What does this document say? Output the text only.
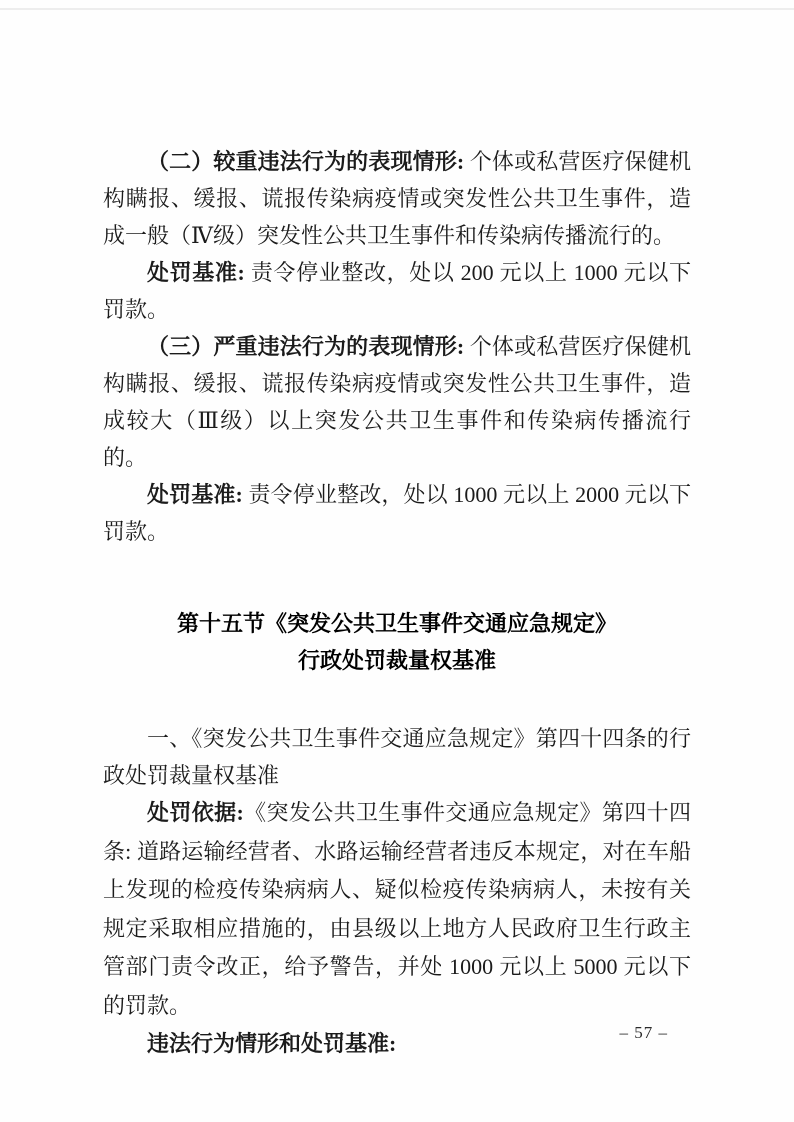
（二）较重违法行为的表现情形: 个体或私营医疗保健机构瞒报、缓报、谎报传染病疫情或突发性公共卫生事件，造成一般（Ⅳ级）突发性公共卫生事件和传染病传播流行的。

处罚基准: 责令停业整改，处以 200 元以上 1000 元以下罚款。

（三）严重违法行为的表现情形: 个体或私营医疗保健机构瞒报、缓报、谎报传染病疫情或突发性公共卫生事件，造成较大（Ⅲ级）以上突发公共卫生事件和传染病传播流行的。

处罚基准: 责令停业整改，处以 1000 元以上 2000 元以下罚款。

第十五节《突发公共卫生事件交通应急规定》
行政处罚裁量权基准

一、《突发公共卫生事件交通应急规定》第四十四条的行政处罚裁量权基准

处罚依据:《突发公共卫生事件交通应急规定》第四十四条: 道路运输经营者、水路运输经营者违反本规定，对在车船上发现的检疫传染病病人、疑似检疫传染病病人，未按有关规定采取相应措施的，由县级以上地方人民政府卫生行政主管部门责令改正，给予警告，并处 1000 元以上 5000 元以下的罚款。

违法行为情形和处罚基准:	– 57 –
